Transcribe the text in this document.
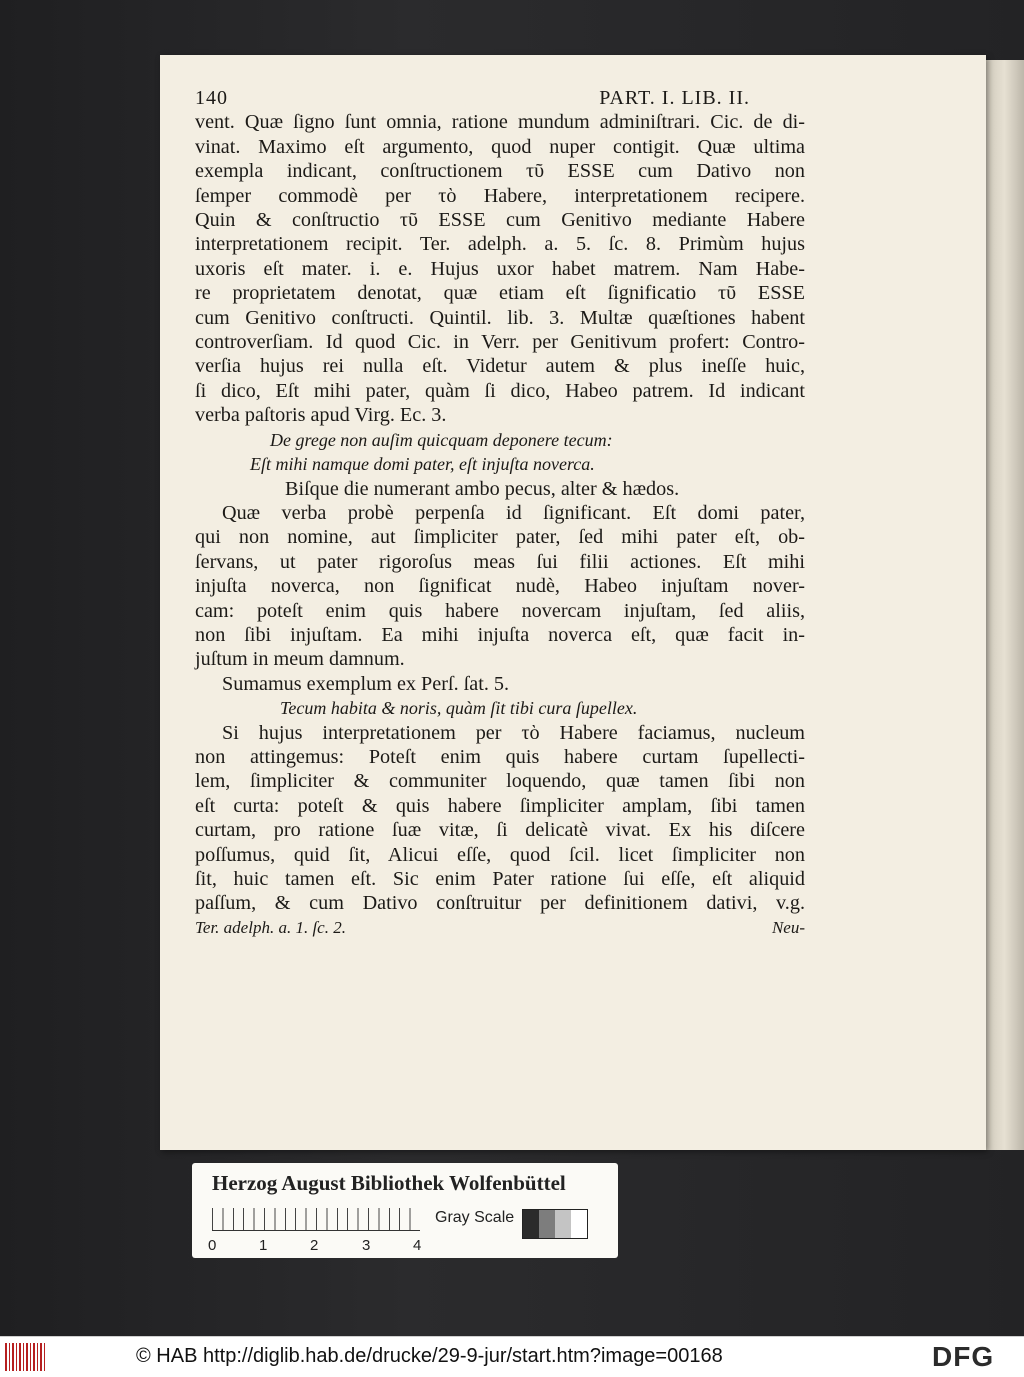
140	PART. I. LIB. II.
vent. Quæ ſigno ſunt omnia, ratione mundum adminiſtrari. Cic. de di-
vinat. Maximo eſt argumento, quod nuper contigit. Quæ ultima
exempla indicant, conſtructionem τῦ ESSE cum Dativo non
ſemper commodè per τὸ Habere, interpretationem recipere.
Quin & conſtructio τῦ ESSE cum Genitivo mediante Habere
interpretationem recipit. Ter. adelph. a. 5. ſc. 8. Primùm hujus
uxoris eſt mater. i. e. Hujus uxor habet matrem. Nam Habe-
re proprietatem denotat, quæ etiam eſt ſignificatio τῦ ESSE
cum Genitivo conſtructi. Quintil. lib. 3. Multæ quæſtiones habent
controverſiam. Id quod Cic. in Verr. per Genitivum profert: Contro-
verſia hujus rei nulla eſt. Videtur autem & plus ineſſe huic,
ſi dico, Eſt mihi pater, quàm ſi dico, Habeo patrem. Id indicant
verba paſtoris apud Virg. Ec. 3.
De grege non auſim quicquam deponere tecum:
Eſt mihi namque domi pater, eſt injuſta noverca.
Biſque die numerant ambo pecus, alter & hædos.
Quæ verba probè perpenſa id ſignificant. Eſt domi pater,
qui non nomine, aut ſimpliciter pater, ſed mihi pater eſt, ob-
ſervans, ut pater rigoroſus meas ſui filii actiones. Eſt mihi
injuſta noverca, non ſignificat nudè, Habeo injuſtam nover-
cam: poteſt enim quis habere novercam injuſtam, ſed aliis,
non ſibi injuſtam. Ea mihi injuſta noverca eſt, quæ facit in-
juſtum in meum damnum.
Sumamus exemplum ex Perſ. ſat. 5.
Tecum habita & noris, quàm ſit tibi cura ſupellex.
Si hujus interpretationem per τὸ Habere faciamus, nucleum
non attingemus: Poteſt enim quis habere curtam ſupellecti-
lem, ſimpliciter & communiter loquendo, quæ tamen ſibi non
eſt curta: poteſt & quis habere ſimpliciter amplam, ſibi tamen
curtam, pro ratione ſuæ vitæ, ſi delicatè vivat. Ex his diſcere
poſſumus, quid ſit, Alicui eſſe, quod ſcil. licet ſimpliciter non
ſit, huic tamen eſt. Sic enim Pater ratione ſui eſſe, eſt aliquid
paſſum, & cum Dativo conſtruitur per definitionem dativi, v.g.
Ter. adelph. a. 1. ſc. 2.	Neu-
Herzog August Bibliothek Wolfenbüttel
0	1	2	3	4
Gray Scale
© HAB http://diglib.hab.de/drucke/29-9-jur/start.htm?image=00168	DFG
